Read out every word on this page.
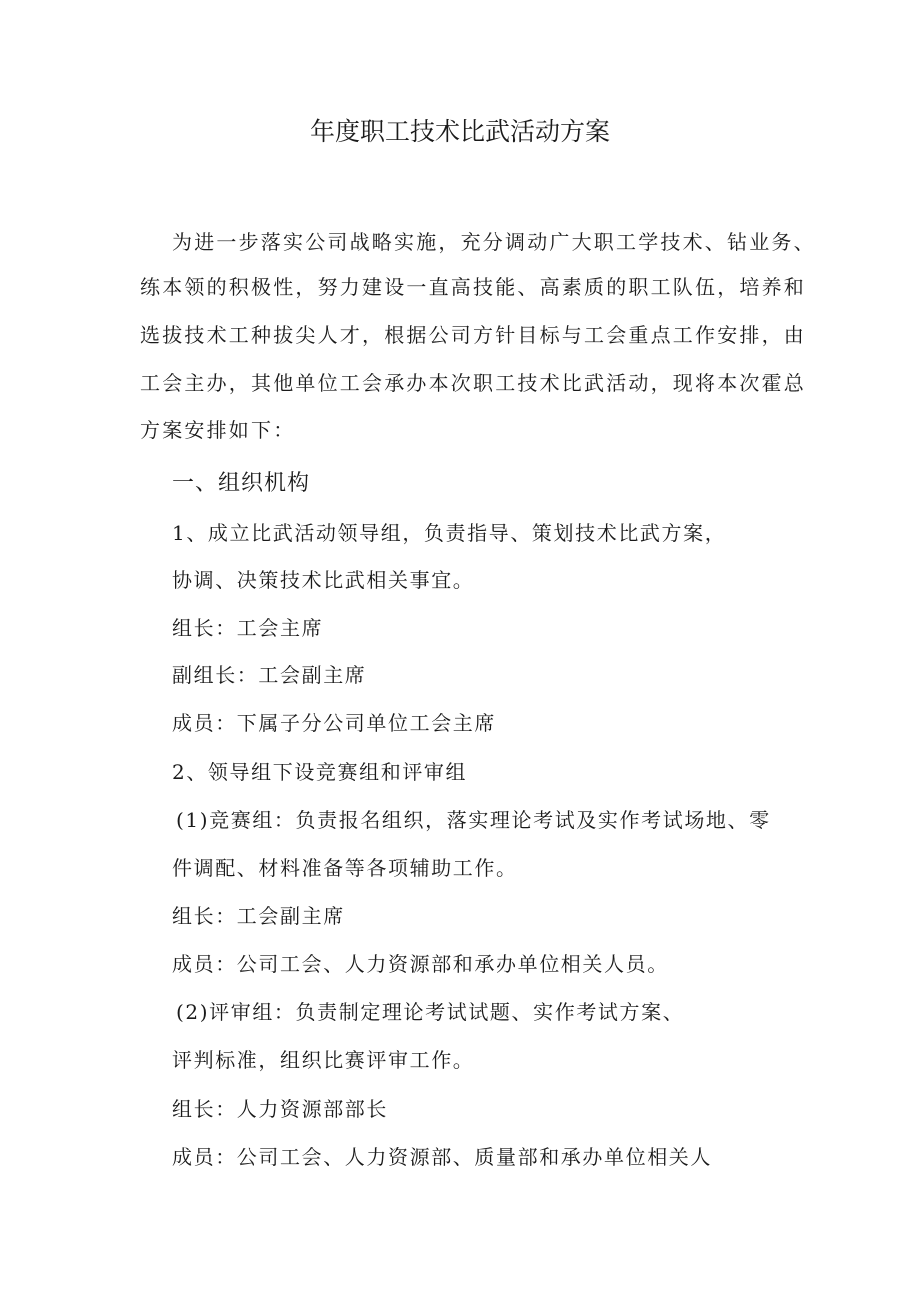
年度职工技术比武活动方案
为进一步落实公司战略实施，充分调动广大职工学技术、钻业务、
练本领的积极性，努力建设一直高技能、高素质的职工队伍，培养和
选拔技术工种拔尖人才，根据公司方针目标与工会重点工作安排，由
工会主办，其他单位工会承办本次职工技术比武活动，现将本次霍总
方案安排如下：
一、组织机构
1、成立比武活动领导组，负责指导、策划技术比武方案，
协调、决策技术比武相关事宜。
组长：工会主席
副组长：工会副主席
成员：下属子分公司单位工会主席
2、领导组下设竞赛组和评审组
(1)竞赛组：负责报名组织，落实理论考试及实作考试场地、零
件调配、材料准备等各项辅助工作。
组长：工会副主席
成员：公司工会、人力资源部和承办单位相关人员。
(2)评审组：负责制定理论考试试题、实作考试方案、
评判标准，组织比赛评审工作。
组长：人力资源部部长
成员：公司工会、人力资源部、质量部和承办单位相关人
